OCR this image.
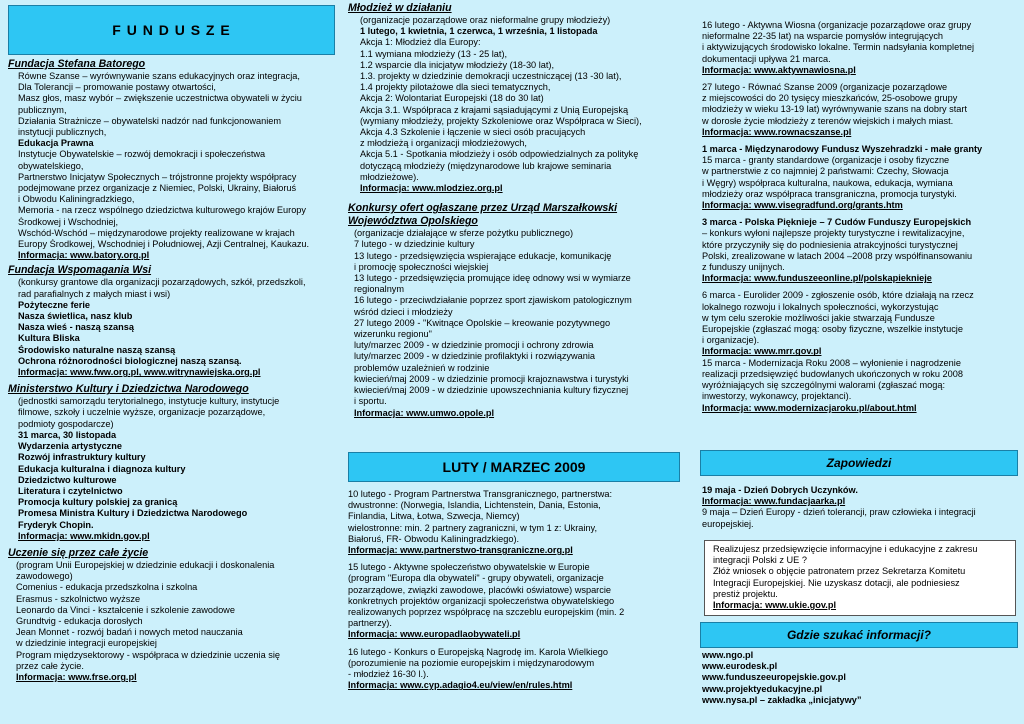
F U N D U S Z E
Fundacja Stefana Batorego
Równe Szanse – wyrównywanie szans edukacyjnych oraz integracja,
Dla Tolerancji – promowanie postawy otwartości,
Masz głos, masz wybór – zwiększenie uczestnictwa obywateli w życiu
publicznym,
Działania Strażnicze – obywatelski nadzór nad funkcjonowaniem
instytucji publicznych,
Edukacja Prawna
Instytucje Obywatelskie – rozwój demokracji i społeczeństwa
obywatelskiego,
Partnerstwo Inicjatyw Społecznych – trójstronne projekty współpracy
podejmowane przez organizacje z Niemiec, Polski, Ukrainy, Białoruś
i Obwodu Kaliningradzkiego,
Memoria - na rzecz wspólnego dziedzictwa kulturowego krajów Europy
Środkowej i Wschodniej,
Wschód-Wschód – międzynarodowe projekty realizowane w krajach
Europy Środkowej, Wschodniej i Południowej, Azji Centralnej, Kaukazu.
Informacja: www.batory.org.pl
Fundacja Wspomagania Wsi
(konkursy grantowe dla organizacji pozarządowych, szkół, przedszkoli,
rad parafialnych z małych miast i wsi)
Pożyteczne ferie
Nasza świetlica, nasz klub
Nasza wieś - naszą szansą
Kultura Bliska
Środowisko naturalne naszą szansą
Ochrona różnorodności biologicznej naszą szansą.
Informacja: www.fww.org.pl, www.witrynawiejska.org.pl
Ministerstwo Kultury i Dziedzictwa Narodowego
(jednostki samorządu terytorialnego, instytucje kultury, instytucje
filmowe, szkoły i uczelnie wyższe, organizacje pozarządowe,
podmioty gospodarcze)
31 marca, 30 listopada
Wydarzenia artystyczne
Rozwój infrastruktury kultury
Edukacja kulturalna i diagnoza kultury
Dziedzictwo kulturowe
Literatura i czytelnictwo
Promocja kultury polskiej za granicą
Promesa Ministra Kultury i Dziedzictwa Narodowego
Fryderyk Chopin.
Informacja: www.mkidn.gov.pl
Uczenie się przez całe życie
(program Unii Europejskiej w dziedzinie edukacji i doskonalenia
zawodowego)
Comenius - edukacja przedszkolna i szkolna
Erasmus - szkolnictwo wyższe
Leonardo da Vinci - kształcenie i szkolenie zawodowe
Grundtvig - edukacja dorosłych
Jean Monnet - rozwój badań i nowych metod nauczania
w dziedzinie integracji europejskiej
Program międzysektorowy - współpraca w dziedzinie uczenia się
przez całe życie.
Informacja: www.frse.org.pl
Młodzież w działaniu
(organizacje pozarządowe oraz nieformalne grupy młodzieży)
1 lutego, 1 kwietnia, 1 czerwca, 1 września, 1 listopada
Akcja 1: Młodzież dla Europy:
1.1 wymiana młodzieży (13 - 25 lat),
1.2 wsparcie dla inicjatyw młodzieży (18-30 lat),
1.3. projekty w dziedzinie demokracji uczestniczącej (13 -30 lat),
1.4 projekty pilotażowe dla sieci tematycznych,
Akcja 2: Wolontariat Europejski (18 do 30 lat)
Akcja 3.1. Współpraca z krajami sąsiadującymi z Unią Europejską
(wymiany młodzieży, projekty Szkoleniowe oraz Współpraca w Sieci),
Akcja 4.3 Szkolenie i łączenie w sieci osób pracujących
z młodzieżą i organizacji młodzieżowych,
Akcja 5.1 - Spotkania młodzieży i osób odpowiedzialnych za politykę
dotyczącą młodzieży (międzynarodowe lub krajowe seminaria
młodzieżowe).
Informacja: www.mlodziez.org.pl
Konkursy ofert ogłaszane przez Urząd Marszałkowski
Województwa Opolskiego
(organizacje działające w sferze pożytku publicznego)
7 lutego - w dziedzinie kultury
13 lutego - przedsięwzięcia wspierające edukacje, komunikację
i promocję społeczności wiejskiej
13 lutego - przedsięwzięcia promujące ideę odnowy wsi w wymiarze
regionalnym
16 lutego - przeciwdziałanie poprzez sport zjawiskom patologicznym
wśród dzieci i młodzieży
27 lutego 2009 - "Kwitnące Opolskie – kreowanie pozytywnego
wizerunku regionu"
luty/marzec 2009 - w dziedzinie promocji i ochrony zdrowia
luty/marzec 2009 - w dziedzinie profilaktyki i rozwiązywania
problemów uzależnień w rodzinie
kwiecień/maj 2009 - w dziedzinie promocji krajoznawstwa i turystyki
kwiecień/maj 2009 - w dziedzinie upowszechniania kultury fizycznej
i sportu.
Informacja: www.umwo.opole.pl
LUTY / MARZEC 2009
10 lutego - Program Partnerstwa Transgranicznego, partnerstwa:
dwustronne: (Norwegia, Islandia, Lichtenstein, Dania, Estonia,
Finlandia, Litwa, Łotwa, Szwecja, Niemcy)
wielostronne: min. 2 partnery zagraniczni, w tym 1 z: Ukrainy,
Białoruś, FR- Obwodu Kaliningradzkiego).
Informacja: www.partnerstwo-transgraniczne.org.pl
15 lutego - Aktywne społeczeństwo obywatelskie w Europie
(program "Europa dla obywateli" - grupy obywateli, organizacje
pozarządowe, związki zawodowe, placówki oświatowe) wsparcie
konkretnych projektów organizacji społeczeństwa obywatelskiego
realizowanych poprzez współpracę na szczeblu europejskim (min. 2
partnerzy).
Informacja: www.europadlaobywateli.pl
16 lutego - Konkurs o Europejską Nagrodę im. Karola Wielkiego
(porozumienie na poziomie europejskim i międzynarodowym
- młodzież 16-30 l.).
Informacja: www.cyp.adagio4.eu/view/en/rules.html
16 lutego - Aktywna Wiosna (organizacje pozarządowe oraz grupy
nieformalne 22-35 lat) na wsparcie pomysłów integrujących
i aktywizujących środowisko lokalne. Termin nadsyłania kompletnej
dokumentacji upływa 21 marca.
Informacja: www.aktywnawiosna.pl
27 lutego - Równać Szanse 2009 (organizacje pozarządowe
z miejscowości do 20 tysięcy mieszkańców, 25-osobowe grupy
młodzieży w wieku 13-19 lat) wyrównywanie szans na dobry start
w dorosłe życie młodzieży z terenów wiejskich i małych miast.
Informacja: www.rownacszanse.pl
1 marca - Międzynarodowy Fundusz Wyszehradzki - małe granty
15 marca - granty standardowe (organizacje i osoby fizyczne
w partnerstwie z co najmniej 2 państwami: Czechy, Słowacja
i Węgry) współpraca kulturalna, naukowa, edukacja, wymiana
młodzieży oraz współpraca transgraniczna, promocja turystyki.
Informacja: www.visegradfund.org/grants.htm
3 marca - Polska Pięknieje – 7 Cudów Funduszy Europejskich
– konkurs wyłoni najlepsze projekty turystyczne i rewitalizacyjne,
które przyczyniły się do podniesienia atrakcyjności turystycznej
Polski, zrealizowane w latach 2004 –2008 przy współfinansowaniu
z funduszy unijnych.
Informacja: www.funduszeeonline.pl/polskapieknieje
6 marca - Eurolider 2009 - zgłoszenie osób, które działają na rzecz
lokalnego rozwoju i lokalnych społeczności, wykorzystując
w tym celu szerokie możliwości jakie stwarzają Fundusze
Europejskie (zgłaszać mogą: osoby fizyczne, wszelkie instytucje
i organizacje).
Informacja: www.mrr.gov.pl
15 marca - Modernizacja Roku 2008 – wyłonienie i nagrodzenie
realizacji przedsięwzięć budowlanych ukończonych w roku 2008
wyróżniających się szczególnymi walorami (zgłaszać mogą:
inwestorzy, wykonawcy, projektanci).
Informacja: www.modernizacjaroku.pl/about.html
Zapowiedzi
19 maja - Dzień Dobrych Uczynków.
Informacja: www.fundacjaarka.pl
9 maja – Dzień Europy - dzień tolerancji, praw człowieka i integracji
europejskiej.
Realizujesz przedsięwzięcie informacyjne i edukacyjne z zakresu
integracji Polski z UE ?
Złóż wniosek o objęcie patronatem przez Sekretarza Komitetu
Integracji Europejskiej. Nie uzyskasz dotacji, ale podniesiesz
prestiż projektu.
Informacja: www.ukie.gov.pl
Gdzie szukać informacji?
www.ngo.pl
www.eurodesk.pl
www.funduszeeuropejskie.gov.pl
www.projektyedukacyjne.pl
www.nysa.pl – zakładka „inicjatywy”
